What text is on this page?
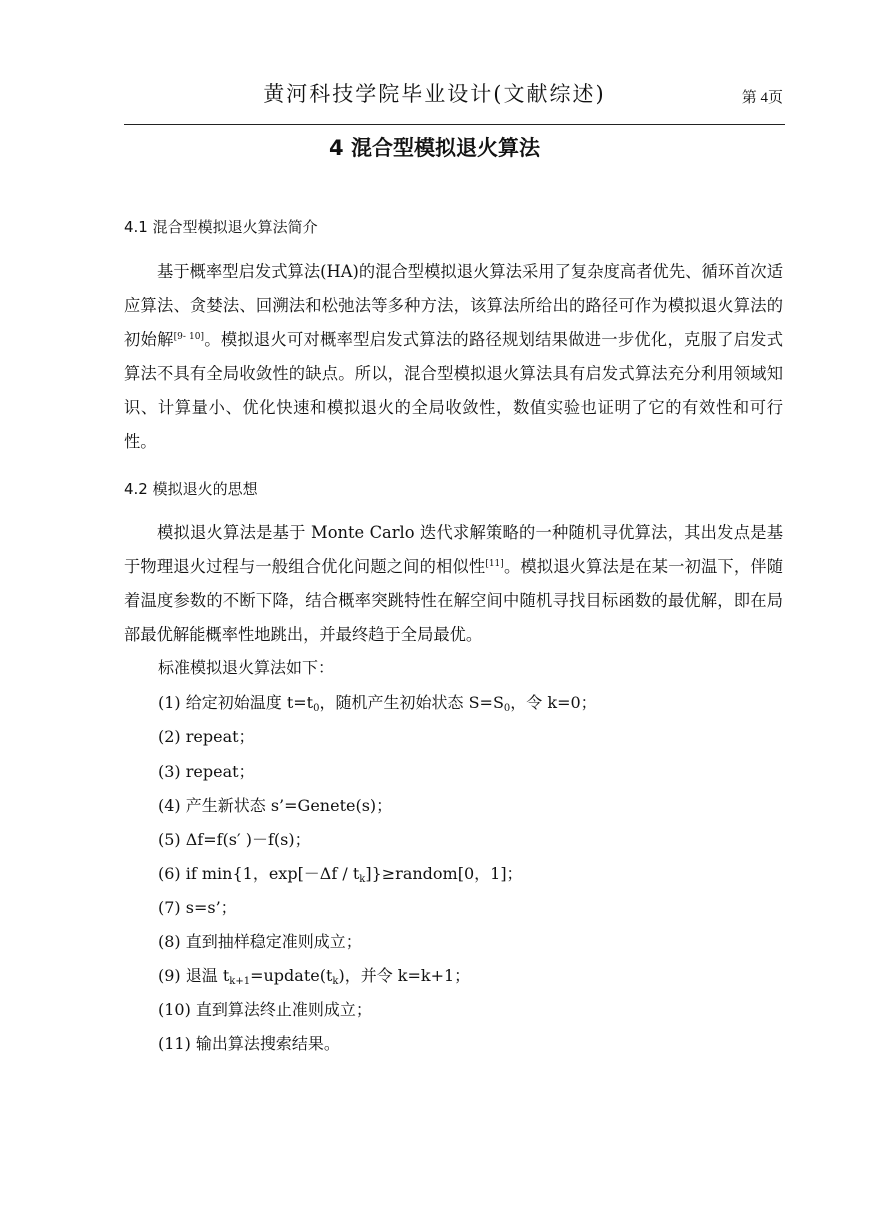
黄河科技学院毕业设计(文献综述)	第 4页
4 混合型模拟退火算法
4.1 混合型模拟退火算法简介

基于概率型启发式算法(HA)的混合型模拟退火算法采用了复杂度高者优先、循环首次适应算法、贪婪法、回溯法和松弛法等多种方法，该算法所给出的路径可作为模拟退火算法的初始解[9- 10]。模拟退火可对概率型启发式算法的路径规划结果做进一步优化，克服了启发式算法不具有全局收敛性的缺点。所以，混合型模拟退火算法具有启发式算法充分利用领域知识、计算量小、优化快速和模拟退火的全局收敛性，数值实验也证明了它的有效性和可行性。

4.2 模拟退火的思想

模拟退火算法是基于 Monte Carlo 迭代求解策略的一种随机寻优算法，其出发点是基于物理退火过程与一般组合优化问题之间的相似性[11]。模拟退火算法是在某一初温下，伴随着温度参数的不断下降，结合概率突跳特性在解空间中随机寻找目标函数的最优解，即在局部最优解能概率性地跳出，并最终趋于全局最优。

标准模拟退火算法如下：
(1) 给定初始温度 $t=t_0$，随机产生初始状态 $S=S_0$，令 k=0；
(2) repeat；
(3) repeat；
(4) 产生新状态 s’=Genete(s)；
(5) Δf=f(s′ )－f(s)；
(6) if min{1，$\exp[-\Delta f / t_k]\}\ge random[0$，1]；
(7) s=s’；
(8) 直到抽样稳定准则成立；
(9) 退温 $t_{k+1}=update(t_k)$，并令 k=k+1；
(10) 直到算法终止准则成立；
(11) 输出算法搜索结果。
